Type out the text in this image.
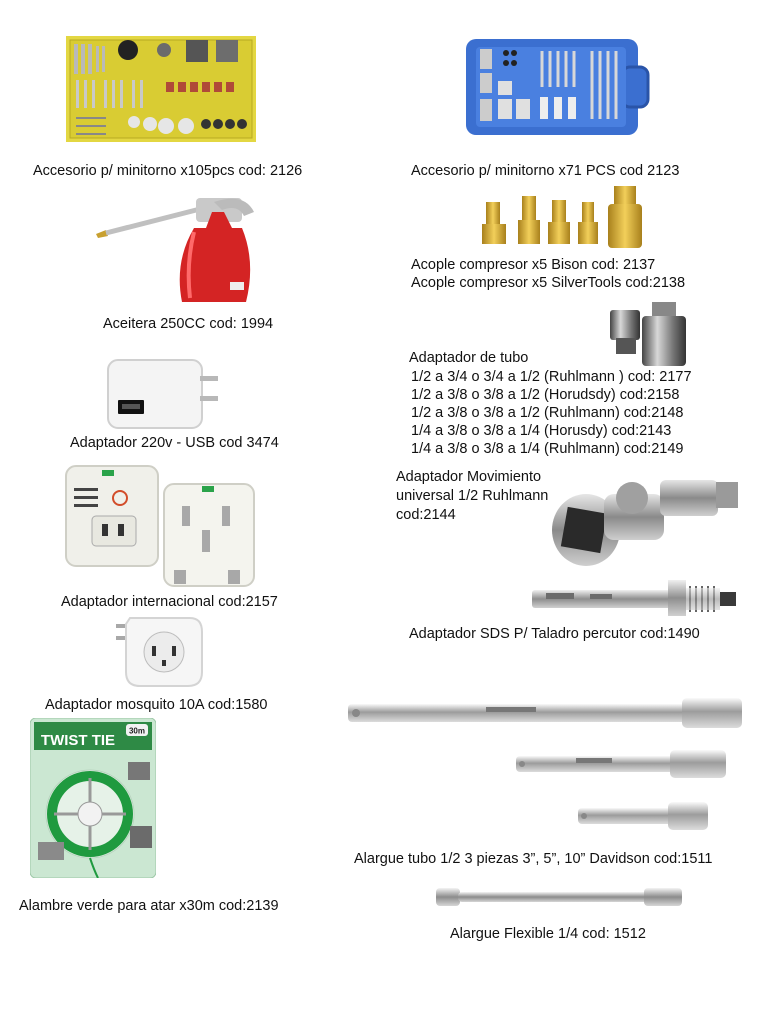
Accesorio p/ minitorno x105pcs cod: 2126	Accesorio p/ minitorno x71 PCS cod 2123
Aceitera 250CC cod: 1994
Acople compresor x5 Bison cod: 2137
Acople compresor x5 SilverTools cod:2138
Adaptador de tubo
1/2 a 3/4 o 3/4 a 1/2 (Ruhlmann ) cod: 2177
1/2 a 3/8 o 3/8 a 1/2 (Horudsdy) cod:2158
1/2 a 3/8 o 3/8 a 1/2 (Ruhlmann) cod:2148
1/4 a 3/8 o 3/8 a 1/4 (Horusdy) cod:2143
1/4 a 3/8 o 3/8 a 1/4 (Ruhlmann) cod:2149
Adaptador 220v - USB cod 3474
Adaptador Movimiento
universal 1/2 Ruhlmann
cod:2144
Adaptador internacional cod:2157
Adaptador SDS P/ Taladro percutor cod:1490
Adaptador mosquito 10A cod:1580
Alargue tubo 1/2 3 piezas 3”, 5”, 10” Davidson cod:1511
30m
TWIST TIE
Alambre verde para atar x30m cod:2139
Alargue Flexible 1/4 cod: 1512
